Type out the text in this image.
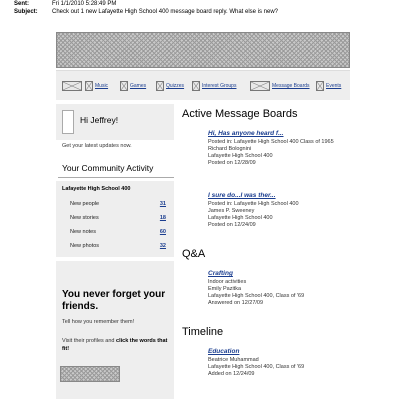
Sent:	Fri 1/1/2010 5:28:49 PM
Subject: Check out 1 new Lafayette High School 400 message board reply. What else is new?
Music	Games	Quizzes	Interest Groups	Message Boards	Events
Hi Jeffrey!
Get your latest updates now.
Your Community Activity
Lafayette High School 400
New people	31
New stories	18
New notes	60
New photos	32
You never forget your friends.
Tell how you remember them!
Visit their profiles and click the words that fit!
Active Message Boards
Hi, Has anyone heard f...
Posted in: Lafayette High School 400 Class of 1965
Richard Bolognini
Lafayette High School 400
Posted on 12/28/09
I sure do...I was ther...
Posted in: Lafayette High School 400
James P. Sweeney
Lafayette High School 400
Posted on 12/24/09
Q&A
Crafting
Indoor activities
Emily Pazitka
Lafayette High School 400, Class of '69
Answered on 12/27/09
Timeline
Education
Beatrice Muhammad
Lafayette High School 400, Class of '69
Added on 12/24/09
